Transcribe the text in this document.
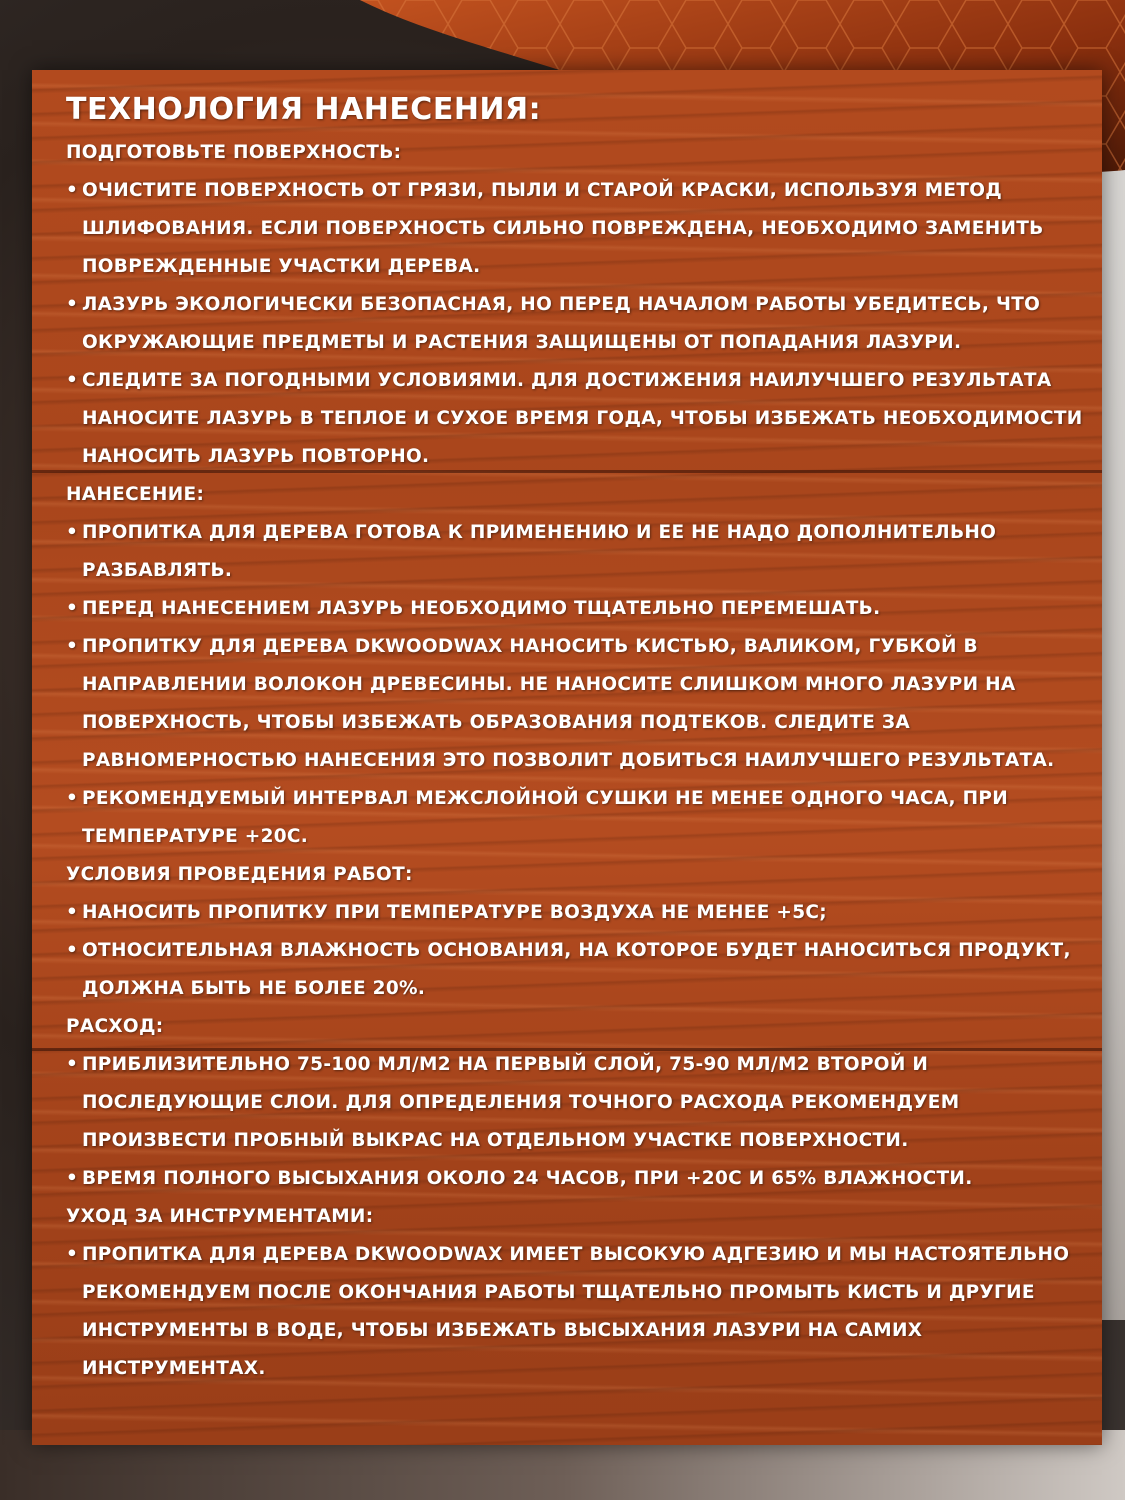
ТЕХНОЛОГИЯ НАНЕСЕНИЯ:
ПОДГОТОВЬТЕ ПОВЕРХНОСТЬ:
• ОЧИСТИТЕ ПОВЕРХНОСТЬ ОТ ГРЯЗИ, ПЫЛИ И СТАРОЙ КРАСКИ, ИСПОЛЬЗУЯ МЕТОД ШЛИФОВАНИЯ. ЕСЛИ ПОВЕРХНОСТЬ СИЛЬНО ПОВРЕЖДЕНА, НЕОБХОДИМО ЗАМЕНИТЬ ПОВРЕЖДЕННЫЕ УЧАСТКИ ДЕРЕВА.
• ЛАЗУРЬ ЭКОЛОГИЧЕСКИ БЕЗОПАСНАЯ, НО ПЕРЕД НАЧАЛОМ РАБОТЫ УБЕДИТЕСЬ, ЧТО ОКРУЖАЮЩИЕ ПРЕДМЕТЫ И РАСТЕНИЯ ЗАЩИЩЕНЫ ОТ ПОПАДАНИЯ ЛАЗУРИ.
• СЛЕДИТЕ ЗА ПОГОДНЫМИ УСЛОВИЯМИ. ДЛЯ ДОСТИЖЕНИЯ НАИЛУЧШЕГО РЕЗУЛЬТАТА НАНОСИТЕ ЛАЗУРЬ В ТЕПЛОЕ И СУХОЕ ВРЕМЯ ГОДА, ЧТОБЫ ИЗБЕЖАТЬ НЕОБХОДИМОСТИ НАНОСИТЬ ЛАЗУРЬ ПОВТОРНО.
НАНЕСЕНИЕ:
• ПРОПИТКА ДЛЯ ДЕРЕВА ГОТОВА К ПРИМЕНЕНИЮ И ЕЕ НЕ НАДО ДОПОЛНИТЕЛЬНО РАЗБАВЛЯТЬ.
• ПЕРЕД НАНЕСЕНИЕМ ЛАЗУРЬ НЕОБХОДИМО ТЩАТЕЛЬНО ПЕРЕМЕШАТЬ.
• ПРОПИТКУ ДЛЯ ДЕРЕВА DKWOODWAX НАНОСИТЬ КИСТЬЮ, ВАЛИКОМ, ГУБКОЙ В НАПРАВЛЕНИИ ВОЛОКОН ДРЕВЕСИНЫ. НЕ НАНОСИТЕ СЛИШКОМ МНОГО ЛАЗУРИ НА ПОВЕРХНОСТЬ, ЧТОБЫ ИЗБЕЖАТЬ ОБРАЗОВАНИЯ ПОДТЕКОВ. СЛЕДИТЕ ЗА РАВНОМЕРНОСТЬЮ НАНЕСЕНИЯ ЭТО ПОЗВОЛИТ ДОБИТЬСЯ НАИЛУЧШЕГО РЕЗУЛЬТАТА.
• РЕКОМЕНДУЕМЫЙ ИНТЕРВАЛ МЕЖСЛОЙНОЙ СУШКИ НЕ МЕНЕЕ ОДНОГО ЧАСА, ПРИ ТЕМПЕРАТУРЕ +20С.
УСЛОВИЯ ПРОВЕДЕНИЯ РАБОТ:
• НАНОСИТЬ ПРОПИТКУ ПРИ ТЕМПЕРАТУРЕ ВОЗДУХА НЕ МЕНЕЕ +5С;
• ОТНОСИТЕЛЬНАЯ ВЛАЖНОСТЬ ОСНОВАНИЯ, НА КОТОРОЕ БУДЕТ НАНОСИТЬСЯ ПРОДУКТ, ДОЛЖНА БЫТЬ НЕ БОЛЕЕ 20%.
РАСХОД:
• ПРИБЛИЗИТЕЛЬНО 75-100 МЛ/М2 НА ПЕРВЫЙ СЛОЙ, 75-90 МЛ/М2 ВТОРОЙ И ПОСЛЕДУЮЩИЕ СЛОИ. ДЛЯ ОПРЕДЕЛЕНИЯ ТОЧНОГО РАСХОДА РЕКОМЕНДУЕМ ПРОИЗВЕСТИ ПРОБНЫЙ ВЫКРАС НА ОТДЕЛЬНОМ УЧАСТКЕ ПОВЕРХНОСТИ.
• ВРЕМЯ ПОЛНОГО ВЫСЫХАНИЯ ОКОЛО 24 ЧАСОВ, ПРИ +20С И 65% ВЛАЖНОСТИ.
УХОД ЗА ИНСТРУМЕНТАМИ:
• ПРОПИТКА ДЛЯ ДЕРЕВА DKWOODWAX ИМЕЕТ ВЫСОКУЮ АДГЕЗИЮ И МЫ НАСТОЯТЕЛЬНО РЕКОМЕНДУЕМ ПОСЛЕ ОКОНЧАНИЯ РАБОТЫ ТЩАТЕЛЬНО ПРОМЫТЬ КИСТЬ И ДРУГИЕ ИНСТРУМЕНТЫ В ВОДЕ, ЧТОБЫ ИЗБЕЖАТЬ ВЫСЫХАНИЯ ЛАЗУРИ НА САМИХ ИНСТРУМЕНТАХ.
